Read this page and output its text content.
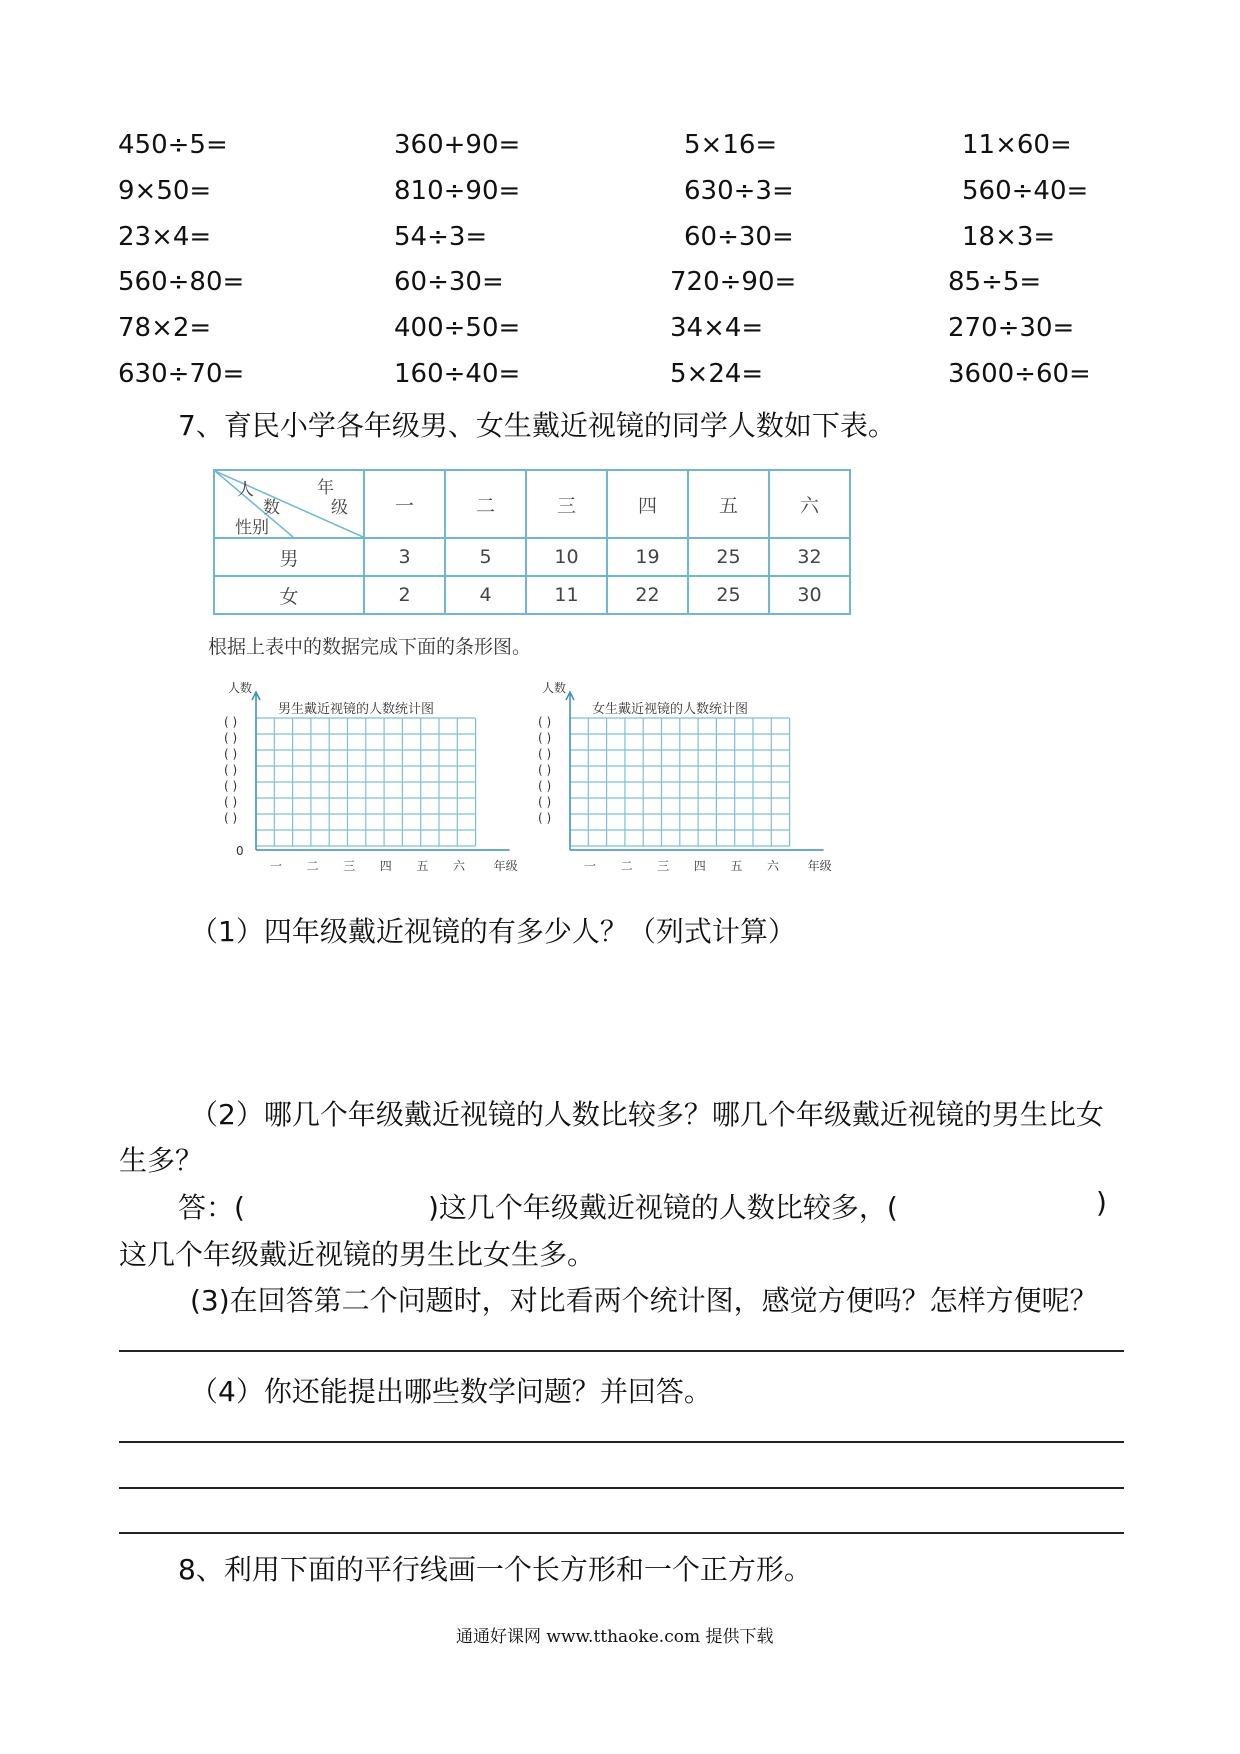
450÷5=	360+90=	5×16=	11×60=
9×50=	810÷90=	630÷3=	560÷40=
23×4=	54÷3=	60÷30=	18×3=
560÷80=	60÷30=	720÷90=	85÷5=
78×2=	400÷50=	34×4=	270÷30=
630÷70=	160÷40=	5×24=	3600÷60=
7、育民小学各年级男、女生戴近视镜的同学人数如下表。
人
数
年
级
性别	一	二	三	四	五	六
男	3	5	10	19	25	32
女	2	4	11	22	25	30
根据上表中的数据完成下面的条形图。
人数
男生戴近视镜的人数统计图
( )
( )
( )
( )
( )
( )
( )
0
一 二 三 四 五 六 年级
人数
女生戴近视镜的人数统计图
( )
( )
( )
( )
( )
( )
( )
一 二 三 四 五 六 年级
（1）四年级戴近视镜的有多少人？（列式计算）
（2）哪几个年级戴近视镜的人数比较多？哪几个年级戴近视镜的男生比女
生多？
答：(	)这几个年级戴近视镜的人数比较多，(	)
这几个年级戴近视镜的男生比女生多。
(3)在回答第二个问题时，对比看两个统计图，感觉方便吗？怎样方便呢？
（4）你还能提出哪些数学问题？并回答。
8、利用下面的平行线画一个长方形和一个正方形。
通通好课网 www.tthaoke.com 提供下载
